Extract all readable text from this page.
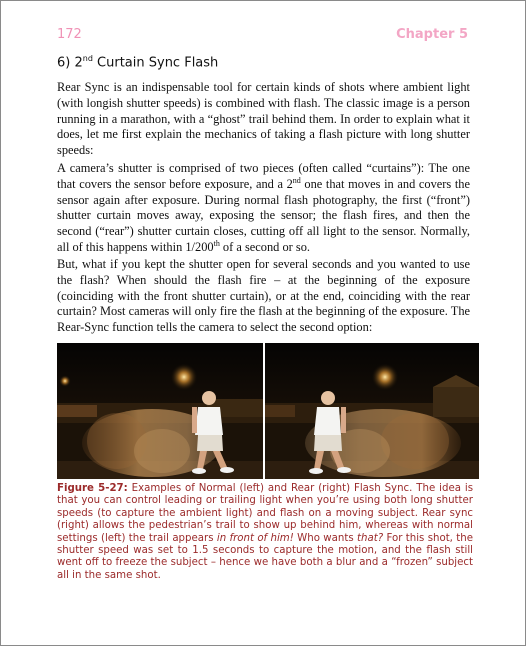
172	Chapter 5
6) 2nd Curtain Sync Flash

Rear Sync is an indispensable tool for certain kinds of shots where ambient light (with longish shutter speeds) is combined with flash. The classic image is a person running in a marathon, with a “ghost” trail behind them. In order to explain what it does, let me first explain the mechanics of taking a flash picture with long shutter speeds:

A camera’s shutter is comprised of two pieces (often called “curtains”): The one that covers the sensor before exposure, and a 2nd one that moves in and covers the sensor again after exposure. During normal flash photography, the first (“front”) shutter curtain moves away, exposing the sensor; the flash fires, and then the second (“rear”) shutter curtain closes, cutting off all light to the sensor. Normally, all of this happens within 1/200th of a second or so.

But, what if you kept the shutter open for several seconds and you wanted to use the flash? When should the flash fire – at the beginning of the exposure (coinciding with the front shutter curtain), or at the end, coinciding with the rear curtain? Most cameras will only fire the flash at the beginning of the exposure. The Rear-Sync function tells the camera to select the second option:

Figure 5-27: Examples of Normal (left) and Rear (right) Flash Sync. The idea is that you can control leading or trailing light when you’re using both long shutter speeds (to capture the ambient light) and flash on a moving subject. Rear sync (right) allows the pedestrian’s trail to show up behind him, whereas with normal settings (left) the trail appears in front of him! Who wants that? For this shot, the shutter speed was set to 1.5 seconds to capture the motion, and the flash still went off to freeze the subject – hence we have both a blur and a “frozen” subject all in the same shot.
